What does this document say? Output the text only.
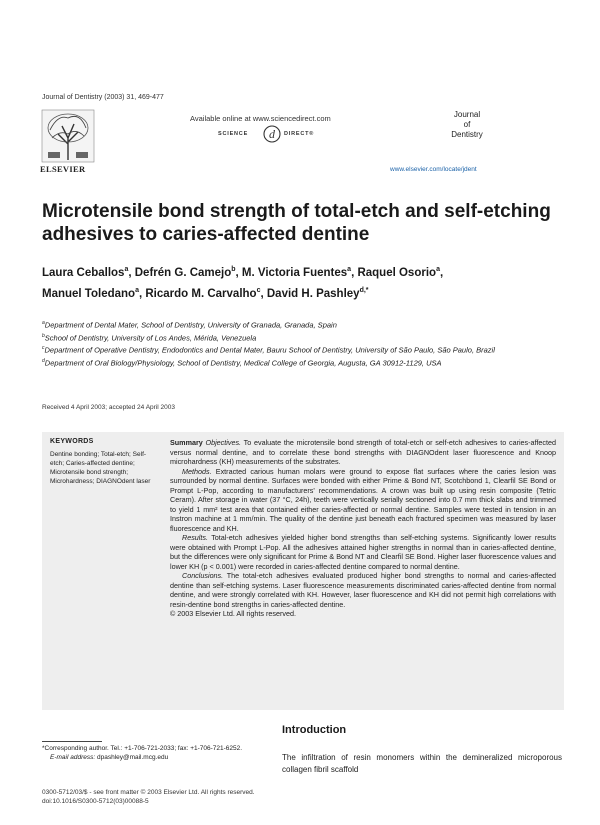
Journal of Dentistry (2003) 31, 469-477
ELSEVIER
Available online at www.sciencedirect.com
SCIENCE d DIRECT®
Journal
of
Dentistry
www.elsevier.com/locate/jdent
Microtensile bond strength of total-etch and self-etching adhesives to caries-affected dentine
Laura Ceballos$^a$, Defrén G. Camejo$^b$, M. Victoria Fuentes$^a$, Raquel Osorio$^a$,
Manuel Toledano$^a$, Ricardo M. Carvalho$^c$, David H. Pashley$^{d,*}$
$^a$Department of Dental Mater, School of Dentistry, University of Granada, Granada, Spain
$^b$School of Dentistry, University of Los Andes, Mérida, Venezuela
$^c$Department of Operative Dentistry, Endodontics and Dental Mater, Bauru School of Dentistry, University of São Paulo, São Paulo, Brazil
$^d$Department of Oral Biology/Physiology, School of Dentistry, Medical College of Georgia, Augusta, GA 30912-1129, USA
Received 4 April 2003; accepted 24 April 2003
KEYWORDS
Dentine bonding; Total-etch; Self-etch; Caries-affected dentine; Microtensile bond strength; Microhardness; DIAGNOdent laser

Summary Objectives. To evaluate the microtensile bond strength of total-etch or self-etch adhesives to caries-affected versus normal dentine, and to correlate these bond strengths with DIAGNOdent laser fluorescence and Knoop microhardness (KH) measurements of the substrates.

Methods. Extracted carious human molars were ground to expose flat surfaces where the caries lesion was surrounded by normal dentine. Surfaces were bonded with either Prime & Bond NT, Scotchbond 1, Clearfil SE Bond or Prompt L-Pop, according to manufacturers' recommendations. A crown was built up using resin composite (Tetric Ceram). After storage in water (37 °C, 24h), teeth were vertically serially sectioned into 0.7 mm thick slabs and trimmed to yield 1 mm² test area that contained either caries-affected or normal dentine. Samples were tested in tension in an Instron machine at 1 mm/min. The quality of the dentine just beneath each fractured specimen was measured by laser fluorescence and KH.

Results. Total-etch adhesives yielded higher bond strengths than self-etching systems. Significantly lower results were obtained with Prompt L-Pop. All the adhesives attained higher strengths in normal than in caries-affected dentine, but the differences were only significant for Prime & Bond NT and Clearfil SE Bond. Higher laser fluorescence values and lower KH (p < 0.001) were recorded in caries-affected dentine compared to normal dentine.

Conclusions. The total-etch adhesives evaluated produced higher bond strengths to normal and caries-affected dentine than self-etching systems. Laser fluorescence measurements discriminated caries-affected dentine from normal dentine, and were strongly correlated with KH. However, laser fluorescence and KH did not permit high correlations with resin-dentine bond strengths in caries-affected dentine.

© 2003 Elsevier Ltd. All rights reserved.

Introduction
The infiltration of resin monomers within the demineralized microporous collagen fibril scaffold
*Corresponding author. Tel.: +1-706-721-2033; fax: +1-706-721-6252.
E-mail address: dpashley@mail.mcg.edu
0300-5712/03/$ - see front matter © 2003 Elsevier Ltd. All rights reserved.
doi:10.1016/S0300-5712(03)00088-5
